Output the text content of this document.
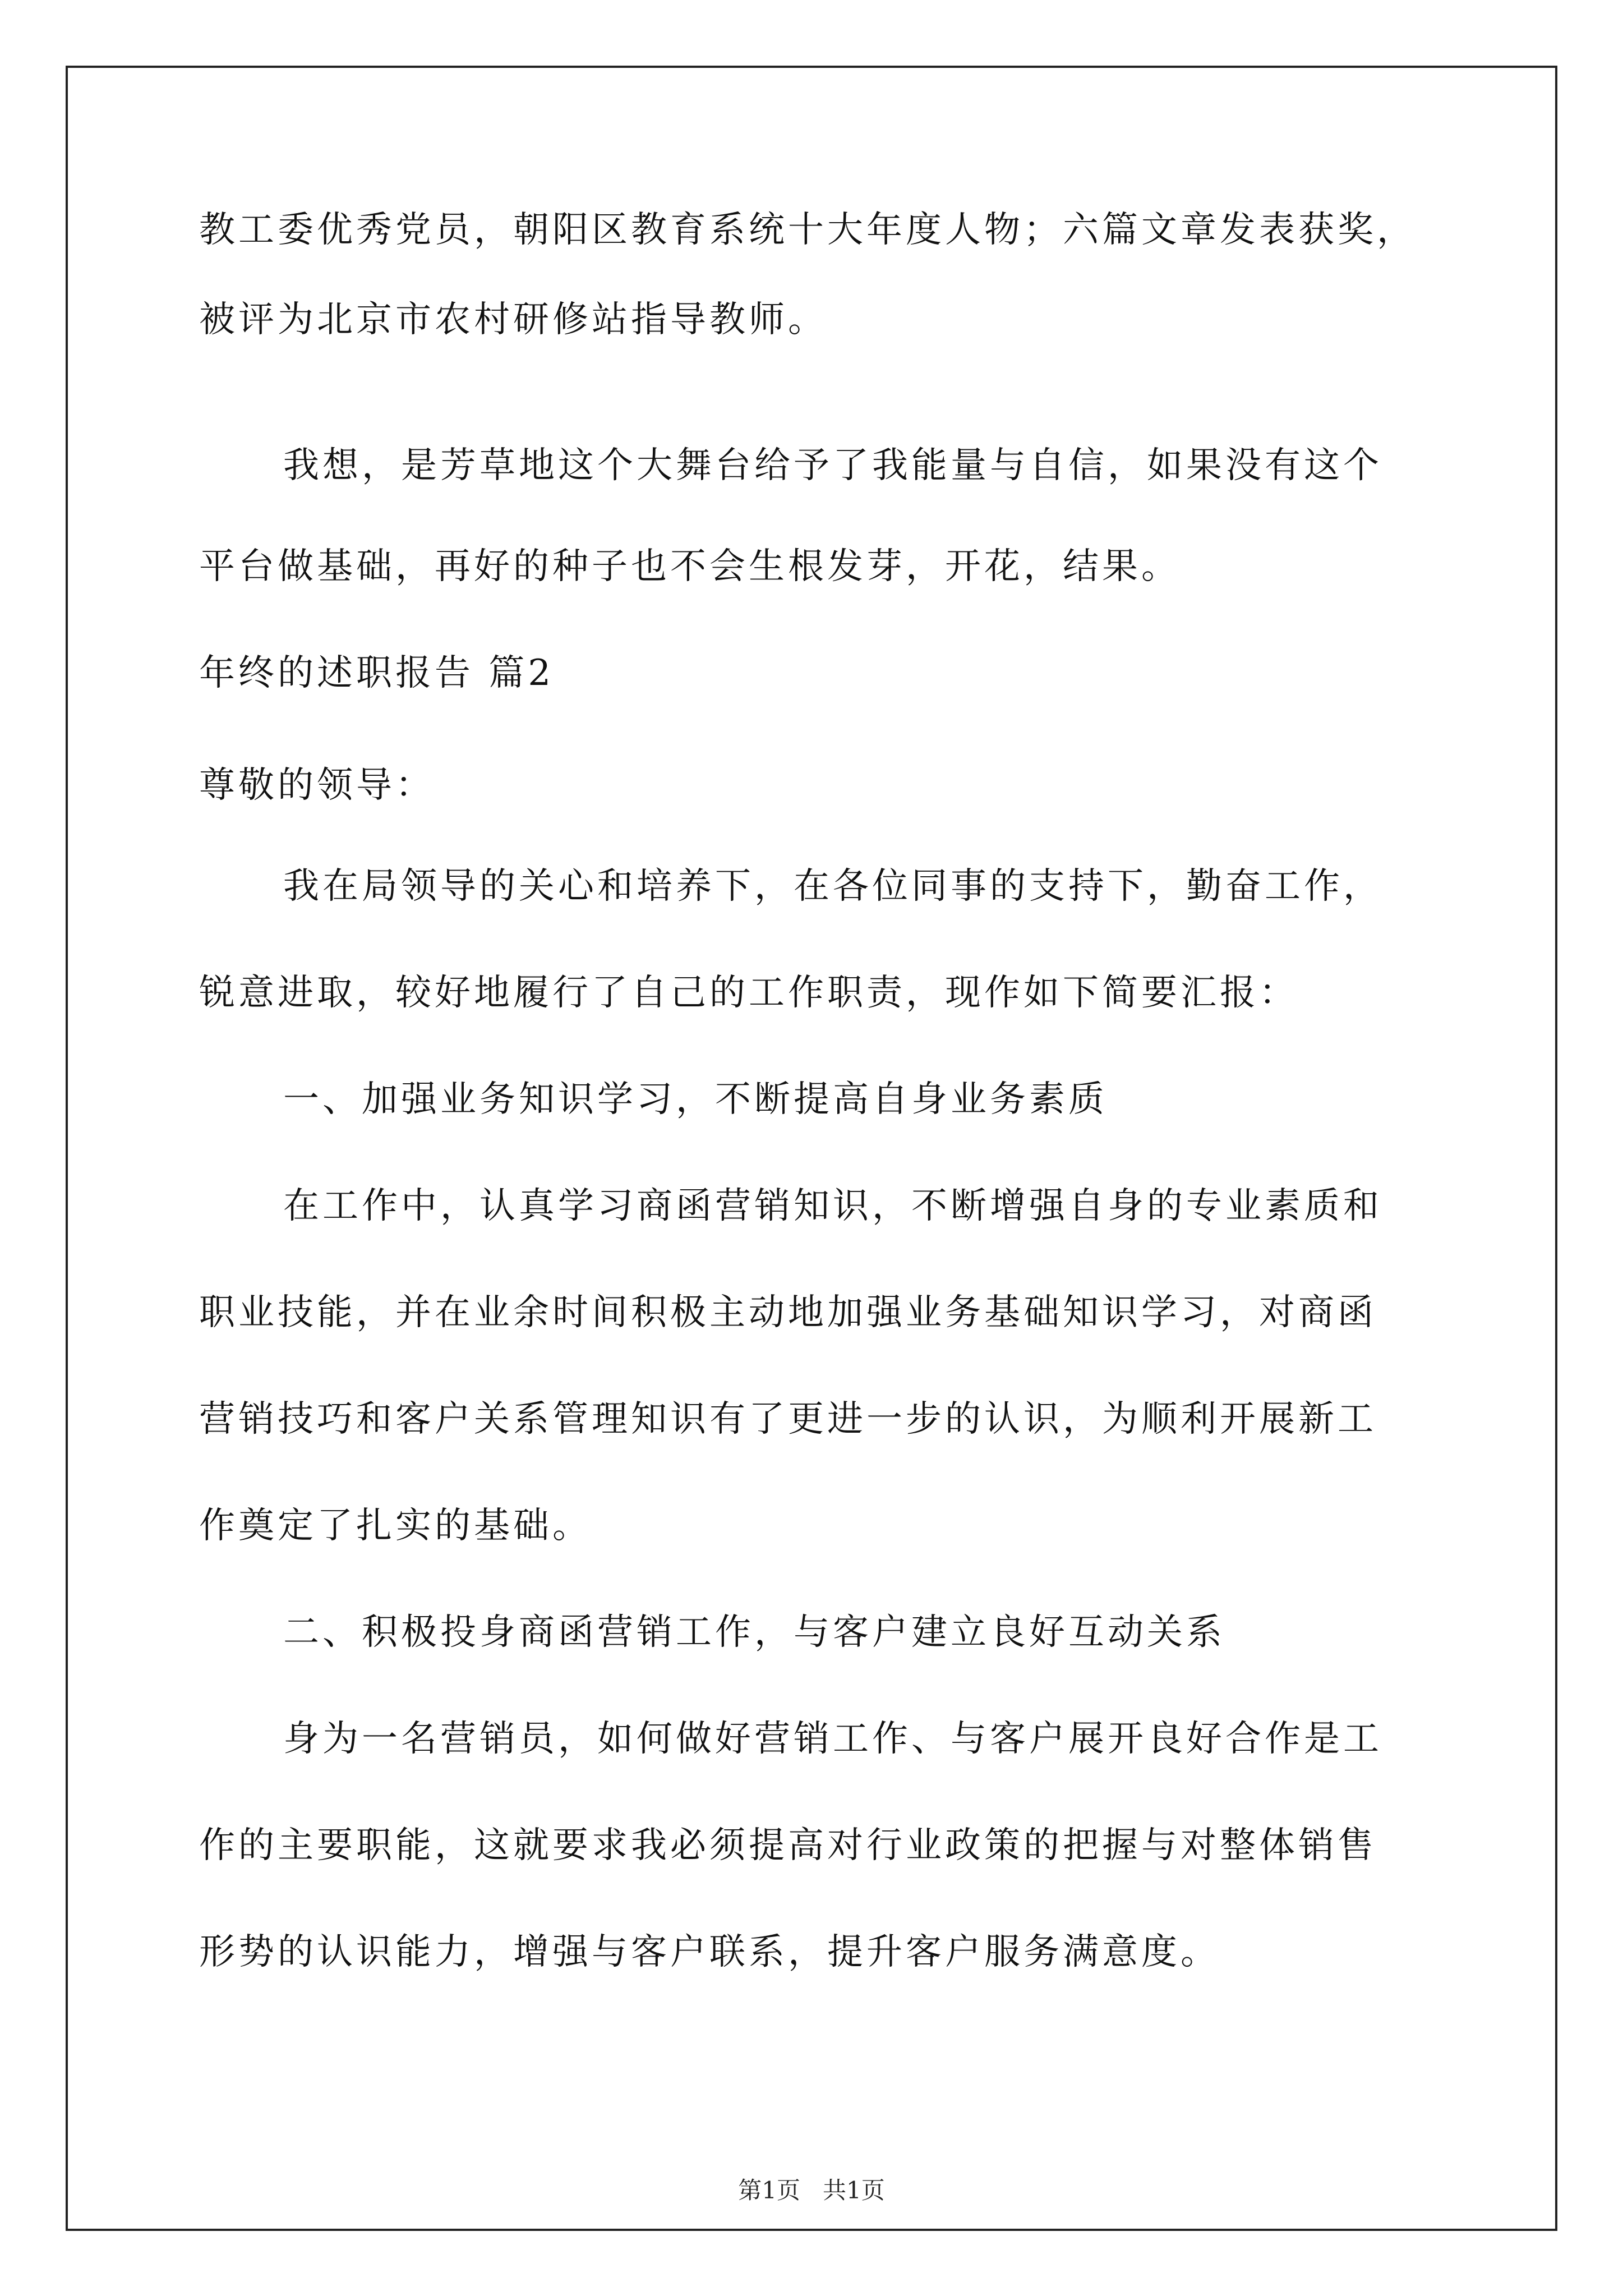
教工委优秀党员，朝阳区教育系统十大年度人物；六篇文章发表获奖，
被评为北京市农村研修站指导教师。
我想，是芳草地这个大舞台给予了我能量与自信，如果没有这个
平台做基础，再好的种子也不会生根发芽，开花，结果。
年终的述职报告 篇2
尊敬的领导：
我在局领导的关心和培养下，在各位同事的支持下，勤奋工作，
锐意进取，较好地履行了自己的工作职责，现作如下简要汇报：
一、加强业务知识学习，不断提高自身业务素质
在工作中，认真学习商函营销知识，不断增强自身的专业素质和
职业技能，并在业余时间积极主动地加强业务基础知识学习，对商函
营销技巧和客户关系管理知识有了更进一步的认识，为顺利开展新工
作奠定了扎实的基础。
二、积极投身商函营销工作，与客户建立良好互动关系
身为一名营销员，如何做好营销工作、与客户展开良好合作是工
作的主要职能，这就要求我必须提高对行业政策的把握与对整体销售
形势的认识能力，增强与客户联系，提升客户服务满意度。
第1页   共1页
